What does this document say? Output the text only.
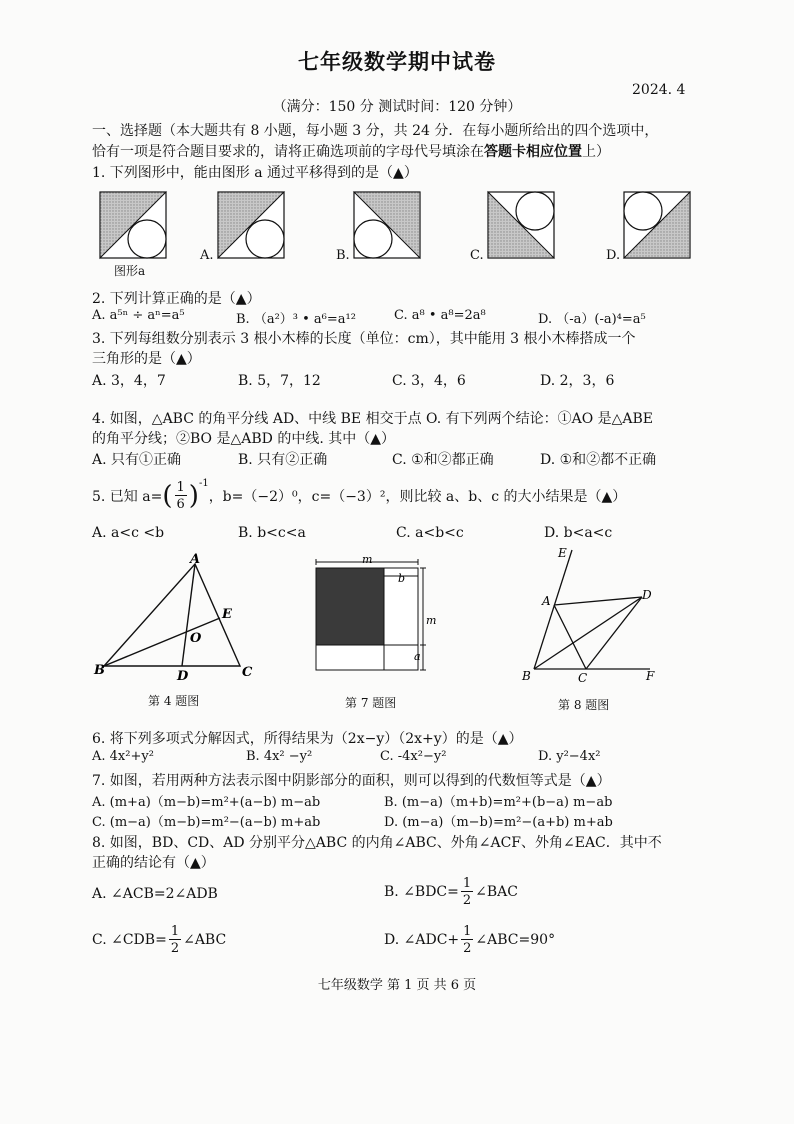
七年级数学期中试卷
2024. 4
（满分：150 分 测试时间：120 分钟）
一、选择题（本大题共有 8 小题，每小题 3 分，共 24 分．在每小题所给出的四个选项中，
恰有一项是符合题目要求的，请将正确选项前的字母代号填涂在答题卡相应位置上）
1. 下列图形中，能由图形 a 通过平移得到的是（▲）
图形a
A.	B.	C.	D.
2. 下列计算正确的是（▲）
A. a⁵ⁿ ÷ aⁿ=a⁵	B. （a²）³ • a⁶=a¹²	C. a⁸ • a⁸=2a⁸	D. （-a）(-a)⁴=a⁵
3. 下列每组数分别表示 3 根小木棒的长度（单位：cm），其中能用 3 根小木棒搭成一个
三角形的是（▲）
A. 3，4，7	B. 5，7，12	C. 3，4，6	D. 2，3，6
4. 如图，△ABC 的角平分线 AD、中线 BE 相交于点 O. 有下列两个结论：①AO 是△ABE
的角平分线；②BO 是△ABD 的中线. 其中（▲）
A. 只有①正确	B. 只有②正确	C. ①和②都正确	D. ①和②都不正确
5. 已知 a= ( $\frac{1}{6} )^{-1}$
，b=（−2）⁰，c=（−3）²，则比较 a、b、c 的大小结果是（▲）
A. a<c <b	B. b<c<a	C. a<b<c	D. b<a<c
A
B	C
D
E
O
第 4 题图
m
b
m
a
第 7 题图
E
A	D
B	C	F
第 8 题图
6. 将下列多项式分解因式，所得结果为（2x−y）（2x+y）的是（▲）
A. 4x²+y²	B. 4x² −y²	C. -4x²−y²	D. y²−4x²
7. 如图，若用两种方法表示图中阴影部分的面积，则可以得到的代数恒等式是（▲）
A. (m+a)（m−b)=m²+(a−b) m−ab	B. (m−a)（m+b)=m²+(b−a) m−ab
C. (m−a)（m−b)=m²−(a−b) m+ab	D. (m−a)（m−b)=m²−(a+b) m+ab
8. 如图，BD、CD、AD 分别平分△ABC 的内角∠ABC、外角∠ACF、外角∠EAC．其中不
正确的结论有（▲）
A. ∠ACB=2∠ADB	B. ∠BDC= $\frac{1}{2}$ ∠BAC
C. ∠CDB= $\frac{1}{2}$ ∠ABC	D. ∠ADC+ $\frac{1}{2}$ ∠ABC=90°
七年级数学 第 1 页 共 6 页
